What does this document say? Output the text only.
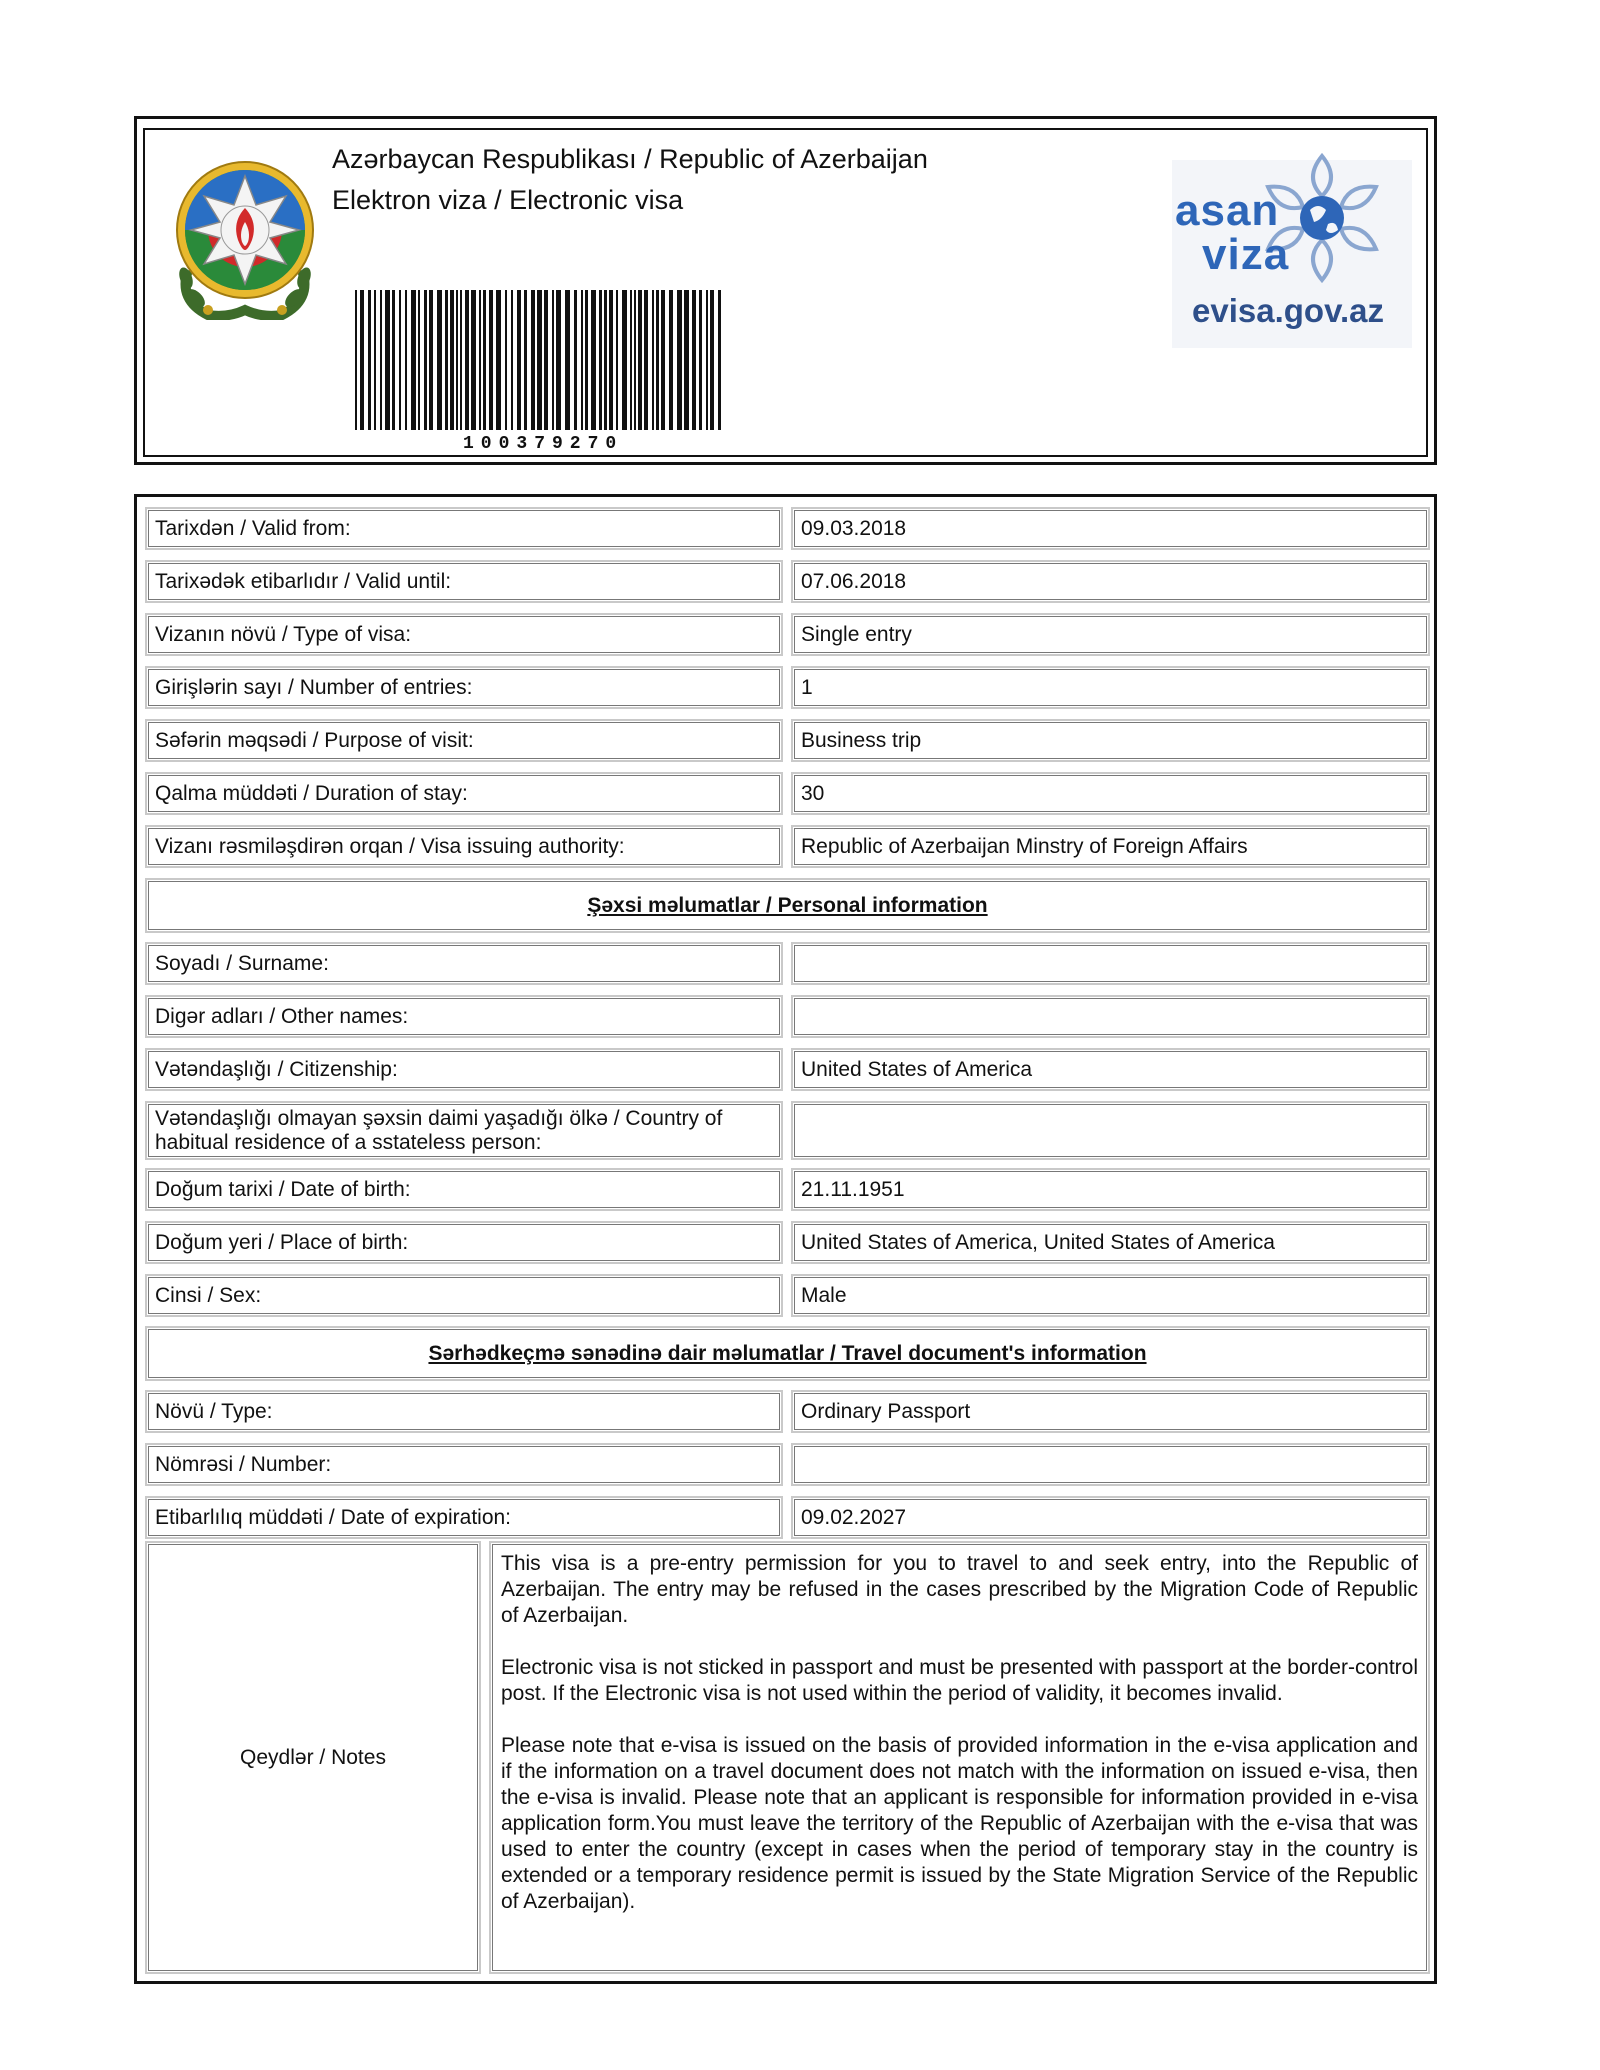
Azərbaycan Respublikası / Republic of Azerbaijan
Elektron viza / Electronic visa
100379270
asan
viza
evisa.gov.az
Tarixdən / Valid from:	09.03.2018
Tarixədək etibarlıdır / Valid until:	07.06.2018
Vizanın növü / Type of visa:	Single entry
Girişlərin sayı / Number of entries:	1
Səfərin məqsədi / Purpose of visit:	Business trip
Qalma müddəti / Duration of stay:	30
Vizanı rəsmiləşdirən orqan / Visa issuing authority:	Republic of Azerbaijan Minstry of Foreign Affairs
Şəxsi məlumatlar / Personal information
Soyadı / Surname:
Digər adları / Other names:
Vətəndaşlığı / Citizenship:	United States of America
Vətəndaşlığı olmayan şəxsin daimi yaşadığı ölkə / Country of habitual residence of a sstateless person:
Doğum tarixi / Date of birth:	21.11.1951
Doğum yeri / Place of birth:	United States of America, United States of America
Cinsi / Sex:	Male
Sərhədkeçmə sənədinə dair məlumatlar / Travel document's information
Növü / Type:	Ordinary Passport
Nömrəsi / Number:
Etibarlılıq müddəti / Date of expiration:	09.02.2027
Qeydlər / Notes

This visa is a pre-entry permission for you to travel to and seek entry, into the Republic of Azerbaijan. The entry may be refused in the cases prescribed by the Migration Code of Republic of Azerbaijan.

Electronic visa is not sticked in passport and must be presented with passport at the border-control post. If the Electronic visa is not used within the period of validity, it becomes invalid.

Please note that e-visa is issued on the basis of provided information in the e-visa application and if the information on a travel document does not match with the information on issued e-visa, then the e-visa is invalid. Please note that an applicant is responsible for information provided in e-visa application form.You must leave the territory of the Republic of Azerbaijan with the e-visa that was used to enter the country (except in cases when the period of temporary stay in the country is extended or a temporary residence permit is issued by the State Migration Service of the Republic of Azerbaijan).
